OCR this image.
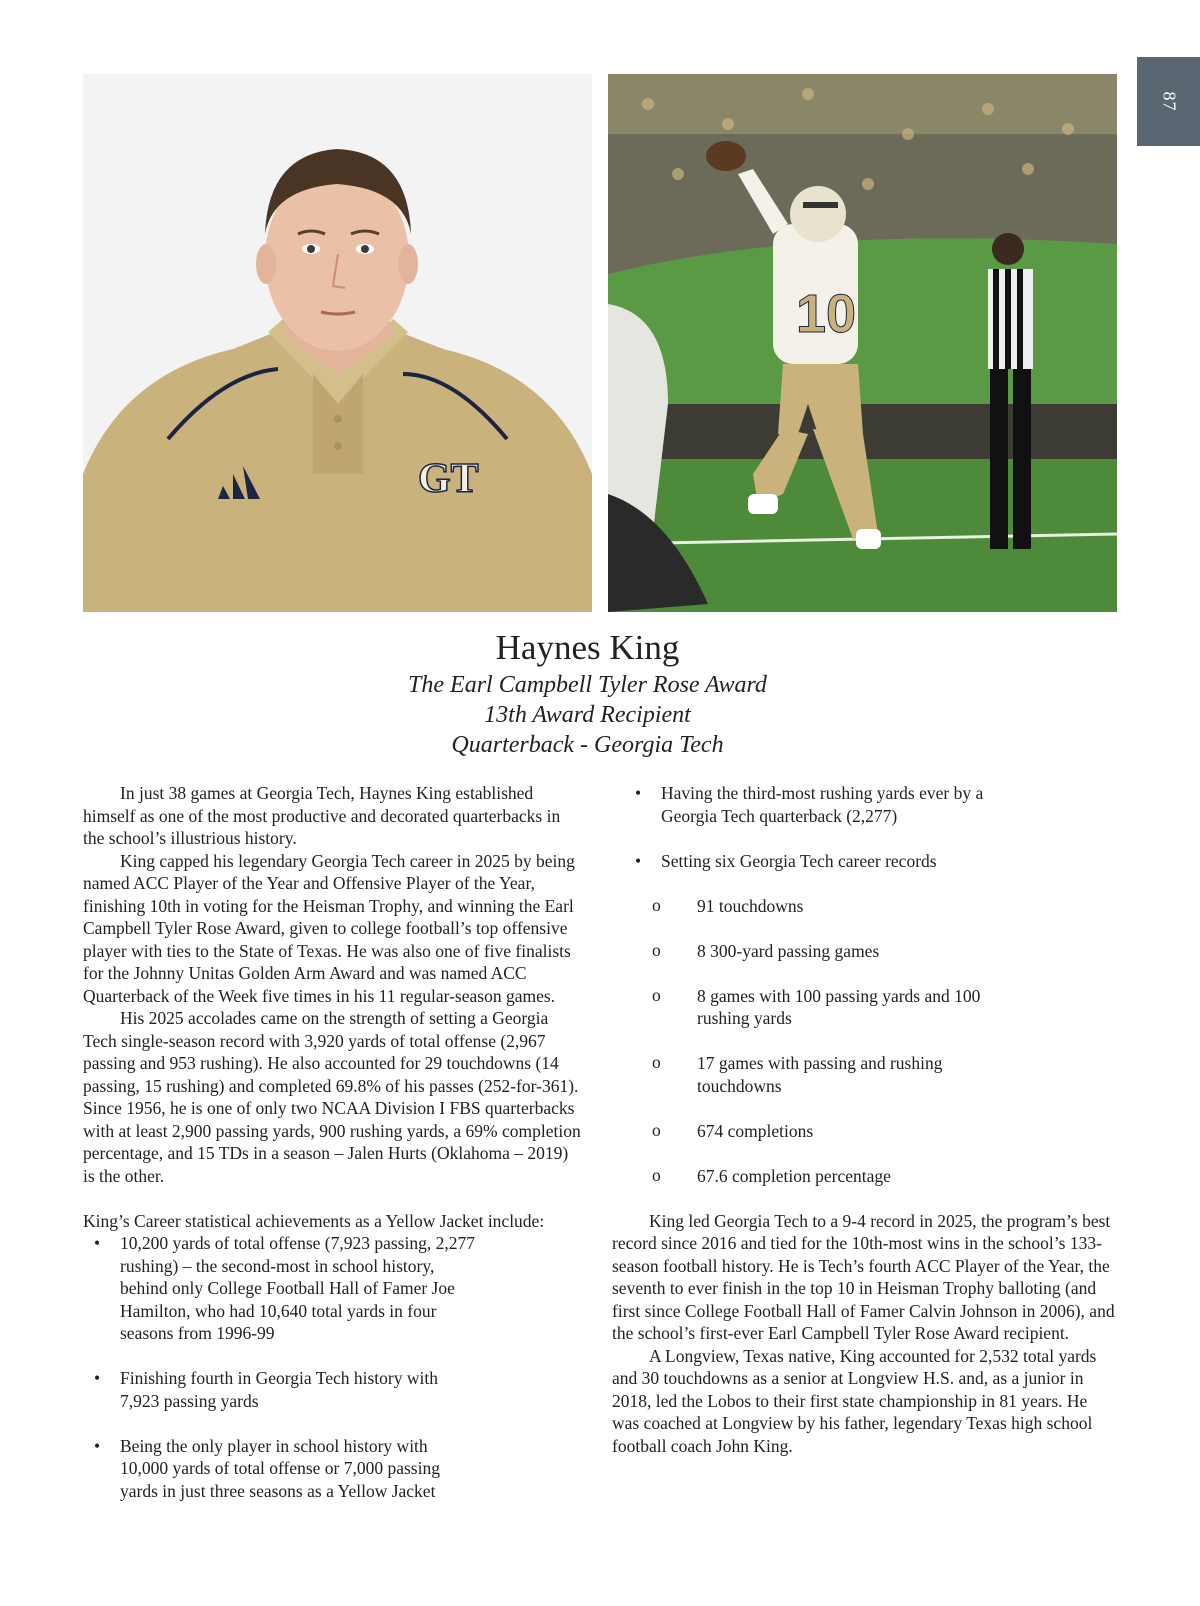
87
GT
10
Haynes King
The Earl Campbell Tyler Rose Award
13th Award Recipient
Quarterback - Georgia Tech

In just 38 games at Georgia Tech, Haynes King established himself as one of the most productive and decorated quarterbacks in the school’s illustrious history.

King capped his legendary Georgia Tech career in 2025 by being named ACC Player of the Year and Offensive Player of the Year, finishing 10th in voting for the Heisman Trophy, and winning the Earl Campbell Tyler Rose Award, given to college football’s top offensive player with ties to the State of Texas. He was also one of five finalists for the Johnny Unitas Golden Arm Award and was named ACC Quarterback of the Week five times in his 11 regular-season games.

His 2025 accolades came on the strength of setting a Georgia Tech single-season record with 3,920 yards of total offense (2,967 passing and 953 rushing). He also accounted for 29 touchdowns (14 passing, 15 rushing) and completed 69.8% of his passes (252-for-361). Since 1956, he is one of only two NCAA Division I FBS quarterbacks with at least 2,900 passing yards, 900 rushing yards, a 69% completion percentage, and 15 TDs in a season – Jalen Hurts (Oklahoma – 2019) is the other.

King’s Career statistical achievements as a Yellow Jacket include:

• 10,200 yards of total offense (7,923 passing, 2,277 rushing) – the second-most in school history, behind only College Football Hall of Famer Joe Hamilton, who had 10,640 total yards in four seasons from 1996-99

• Finishing fourth in Georgia Tech history with 7,923 passing yards

• Being the only player in school history with 10,000 yards of total offense or 7,000 passing yards in just three seasons as a Yellow Jacket

• Having the third-most rushing yards ever by a Georgia Tech quarterback (2,277)

• Setting six Georgia Tech career records

o 91 touchdowns

o 8 300-yard passing games

o 8 games with 100 passing yards and 100 rushing yards

o 17 games with passing and rushing touchdowns

o 674 completions

o 67.6 completion percentage

King led Georgia Tech to a 9-4 record in 2025, the program’s best record since 2016 and tied for the 10th-most wins in the school’s 133-season football history. He is Tech’s fourth ACC Player of the Year, the seventh to ever finish in the top 10 in Heisman Trophy balloting (and first since College Football Hall of Famer Calvin Johnson in 2006), and the school’s first-ever Earl Campbell Tyler Rose Award recipient.

A Longview, Texas native, King accounted for 2,532 total yards and 30 touchdowns as a senior at Longview H.S. and, as a junior in 2018, led the Lobos to their first state championship in 81 years. He was coached at Longview by his father, legendary Texas high school football coach John King.
